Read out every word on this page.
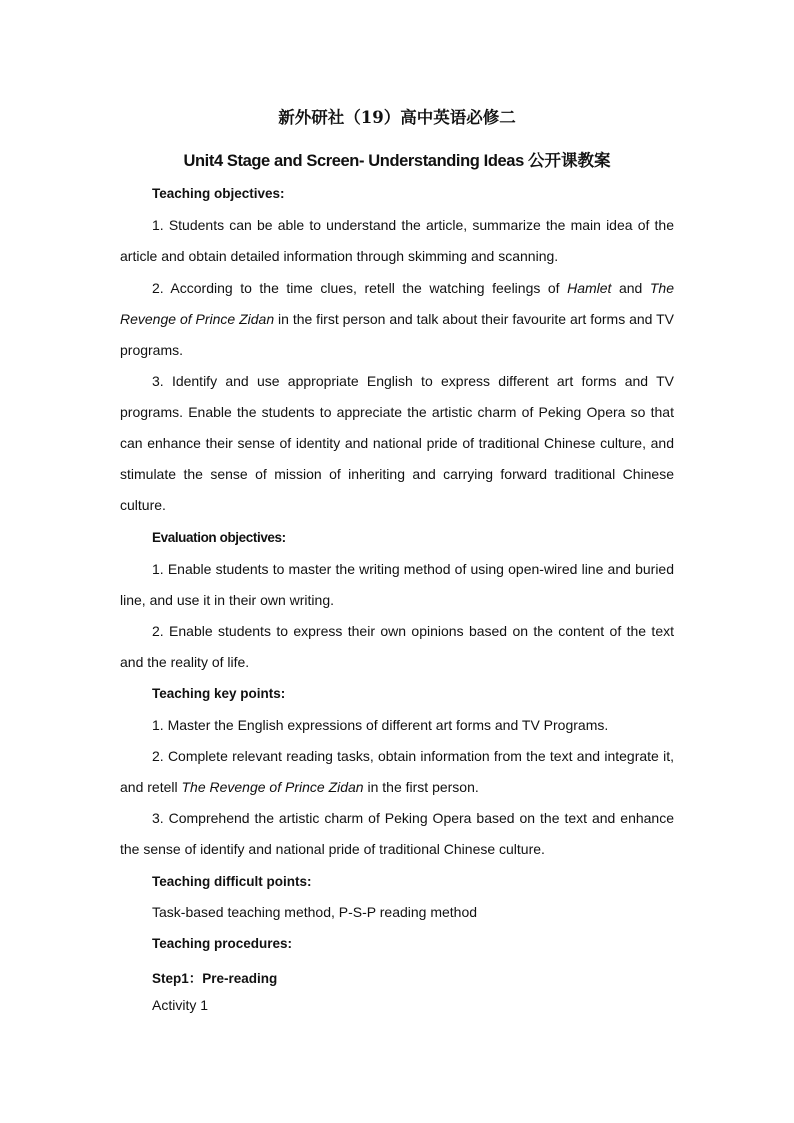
新外研社（19）高中英语必修二
Unit4 Stage and Screen- Understanding Ideas 公开课教案
Teaching objectives:
1. Students can be able to understand the article, summarize the main idea of the article and obtain detailed information through skimming and scanning.
2. According to the time clues, retell the watching feelings of Hamlet and The Revenge of Prince Zidan in the first person and talk about their favourite art forms and TV programs.
3. Identify and use appropriate English to express different art forms and TV programs. Enable the students to appreciate the artistic charm of Peking Opera so that can enhance their sense of identity and national pride of traditional Chinese culture, and stimulate the sense of mission of inheriting and carrying forward traditional Chinese culture.
Evaluation objectives:
1. Enable students to master the writing method of using open-wired line and buried line, and use it in their own writing.
2. Enable students to express their own opinions based on the content of the text and the reality of life.
Teaching key points:
1. Master the English expressions of different art forms and TV Programs.
2. Complete relevant reading tasks, obtain information from the text and integrate it, and retell The Revenge of Prince Zidan in the first person.
3. Comprehend the artistic charm of Peking Opera based on the text and enhance the sense of identify and national pride of traditional Chinese culture.
Teaching difficult points:
Task-based teaching method, P-S-P reading method
Teaching procedures:
Step1：Pre-reading
Activity 1
